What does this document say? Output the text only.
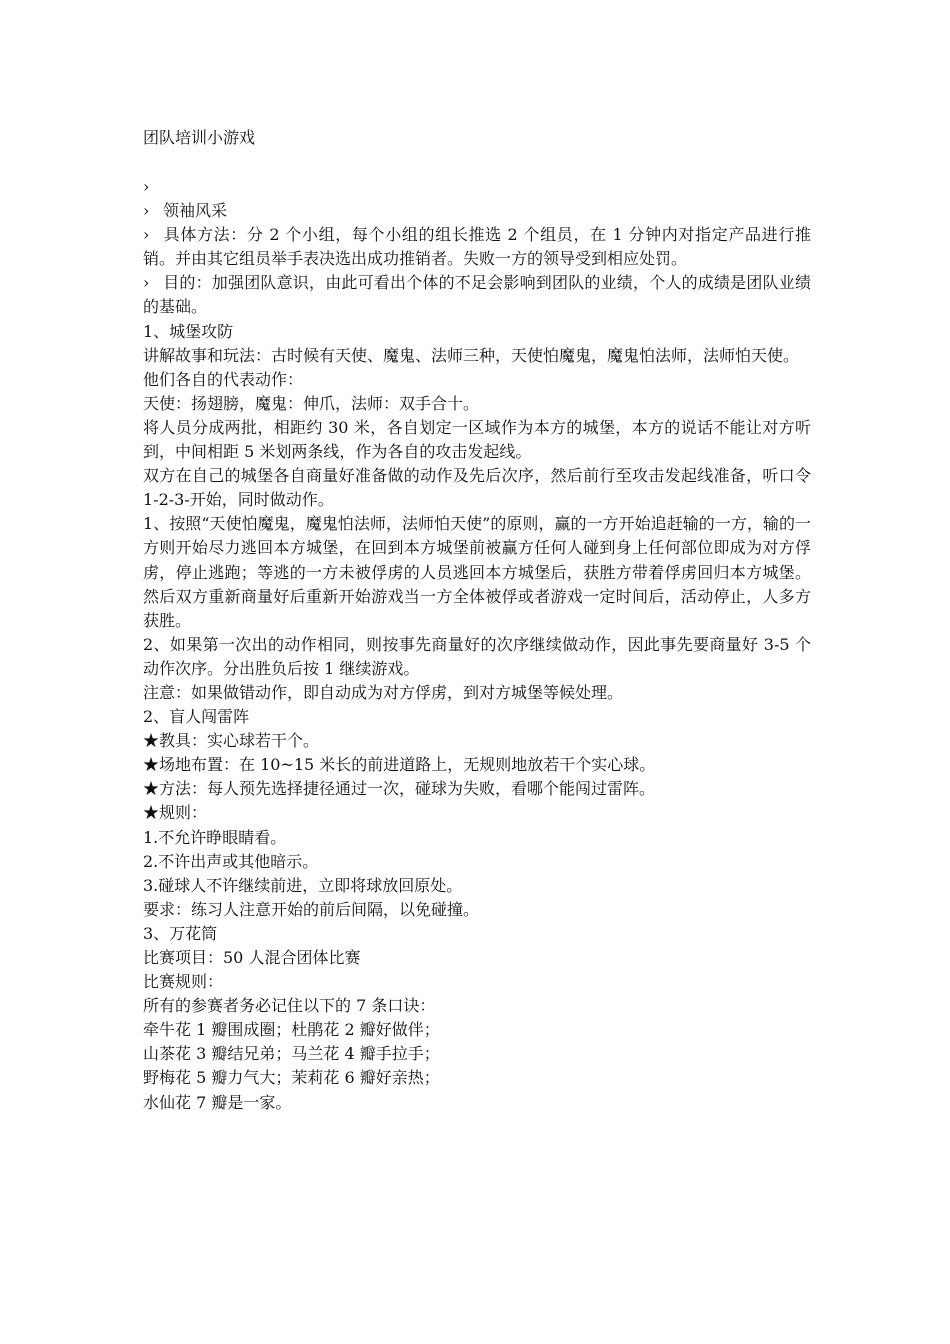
团队培训小游戏

›

› 领袖风采

› 具体方法：分 2 个小组，每个小组的组长推选 2 个组员，在 1 分钟内对指定产品进行推销。并由其它组员举手表决选出成功推销者。失败一方的领导受到相应处罚。

› 目的：加强团队意识，由此可看出个体的不足会影响到团队的业绩，个人的成绩是团队业绩的基础。

1、城堡攻防

讲解故事和玩法：古时候有天使、魔鬼、法师三种，天使怕魔鬼，魔鬼怕法师，法师怕天使。

他们各自的代表动作：

天使：扬翅膀，魔鬼：伸爪，法师：双手合十。

将人员分成两批，相距约 30 米，各自划定一区域作为本方的城堡，本方的说话不能让对方听到，中间相距 5 米划两条线，作为各自的攻击发起线。

双方在自己的城堡各自商量好准备做的动作及先后次序，然后前行至攻击发起线准备，听口令 1-2-3-开始，同时做动作。

1、按照“天使怕魔鬼，魔鬼怕法师，法师怕天使”的原则，赢的一方开始追赶输的一方，输的一方则开始尽力逃回本方城堡，在回到本方城堡前被赢方任何人碰到身上任何部位即成为对方俘虏，停止逃跑；等逃的一方未被俘虏的人员逃回本方城堡后，获胜方带着俘虏回归本方城堡。然后双方重新商量好后重新开始游戏当一方全体被俘或者游戏一定时间后，活动停止，人多方获胜。

2、如果第一次出的动作相同，则按事先商量好的次序继续做动作，因此事先要商量好 3-5 个动作次序。分出胜负后按 1 继续游戏。

注意：如果做错动作，即自动成为对方俘虏，到对方城堡等候处理。

2、盲人闯雷阵

★教具：实心球若干个。

★场地布置：在 10~15 米长的前进道路上，无规则地放若干个实心球。

★方法：每人预先选择捷径通过一次，碰球为失败，看哪个能闯过雷阵。

★规则：

1.不允许睁眼睛看。

2.不许出声或其他暗示。

3.碰球人不许继续前进，立即将球放回原处。

要求：练习人注意开始的前后间隔，以免碰撞。

3、万花筒

比赛项目：50 人混合团体比赛

比赛规则：

所有的参赛者务必记住以下的 7 条口诀：

牵牛花 1 瓣围成圈；杜鹃花 2 瓣好做伴；

山茶花 3 瓣结兄弟；马兰花 4 瓣手拉手；

野梅花 5 瓣力气大；茉莉花 6 瓣好亲热；

水仙花 7 瓣是一家。
